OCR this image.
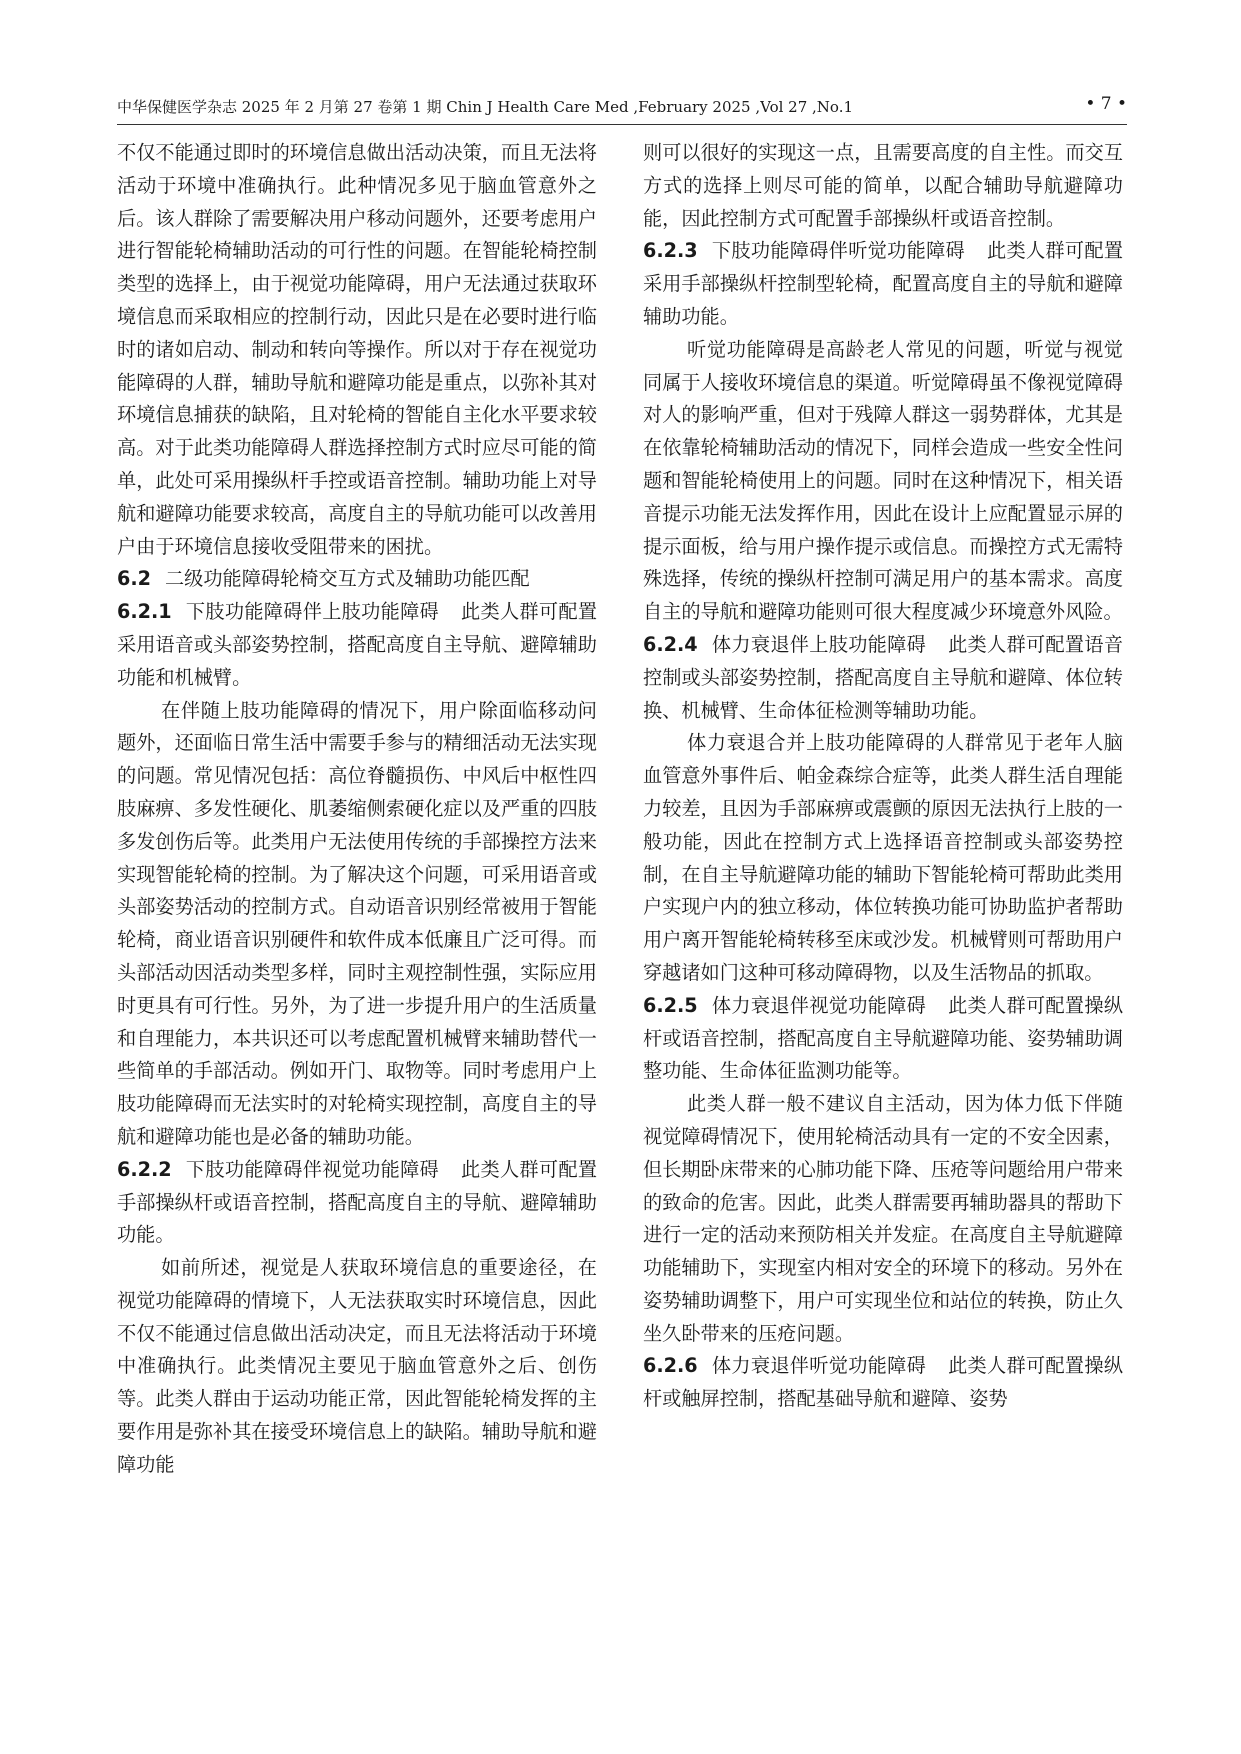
中华保健医学杂志 2025 年 2 月第 27 卷第 1 期 Chin J Health Care Med ,February 2025 ,Vol 27 ,No.1	• 7 •

不仅不能通过即时的环境信息做出活动决策，而且无法将活动于环境中准确执行。此种情况多见于脑血管意外之后。该人群除了需要解决用户移动问题外，还要考虑用户进行智能轮椅辅助活动的可行性的问题。在智能轮椅控制类型的选择上，由于视觉功能障碍，用户无法通过获取环境信息而采取相应的控制行动，因此只是在必要时进行临时的诸如启动、制动和转向等操作。所以对于存在视觉功能障碍的人群，辅助导航和避障功能是重点，以弥补其对环境信息捕获的缺陷，且对轮椅的智能自主化水平要求较高。对于此类功能障碍人群选择控制方式时应尽可能的简单，此处可采用操纵杆手控或语音控制。辅助功能上对导航和避障功能要求较高，高度自主的导航功能可以改善用户由于环境信息接收受阻带来的困扰。

6.2 二级功能障碍轮椅交互方式及辅助功能匹配

6.2.1 下肢功能障碍伴上肢功能障碍 此类人群可配置采用语音或头部姿势控制，搭配高度自主导航、避障辅助功能和机械臂。

在伴随上肢功能障碍的情况下，用户除面临移动问题外，还面临日常生活中需要手参与的精细活动无法实现的问题。常见情况包括：高位脊髓损伤、中风后中枢性四肢麻痹、多发性硬化、肌萎缩侧索硬化症以及严重的四肢多发创伤后等。此类用户无法使用传统的手部操控方法来实现智能轮椅的控制。为了解决这个问题，可采用语音或头部姿势活动的控制方式。自动语音识别经常被用于智能轮椅，商业语音识别硬件和软件成本低廉且广泛可得。而头部活动因活动类型多样，同时主观控制性强，实际应用时更具有可行性。另外，为了进一步提升用户的生活质量和自理能力，本共识还可以考虑配置机械臂来辅助替代一些简单的手部活动。例如开门、取物等。同时考虑用户上肢功能障碍而无法实时的对轮椅实现控制，高度自主的导航和避障功能也是必备的辅助功能。

6.2.2 下肢功能障碍伴视觉功能障碍 此类人群可配置手部操纵杆或语音控制，搭配高度自主的导航、避障辅助功能。

如前所述，视觉是人获取环境信息的重要途径，在视觉功能障碍的情境下，人无法获取实时环境信息，因此不仅不能通过信息做出活动决定，而且无法将活动于环境中准确执行。此类情况主要见于脑血管意外之后、创伤等。此类人群由于运动功能正常，因此智能轮椅发挥的主要作用是弥补其在接受环境信息上的缺陷。辅助导航和避障功能

则可以很好的实现这一点，且需要高度的自主性。而交互方式的选择上则尽可能的简单，以配合辅助导航避障功能，因此控制方式可配置手部操纵杆或语音控制。

6.2.3 下肢功能障碍伴听觉功能障碍 此类人群可配置采用手部操纵杆控制型轮椅，配置高度自主的导航和避障辅助功能。

听觉功能障碍是高龄老人常见的问题，听觉与视觉同属于人接收环境信息的渠道。听觉障碍虽不像视觉障碍对人的影响严重，但对于残障人群这一弱势群体，尤其是在依靠轮椅辅助活动的情况下，同样会造成一些安全性问题和智能轮椅使用上的问题。同时在这种情况下，相关语音提示功能无法发挥作用，因此在设计上应配置显示屏的提示面板，给与用户操作提示或信息。而操控方式无需特殊选择，传统的操纵杆控制可满足用户的基本需求。高度自主的导航和避障功能则可很大程度减少环境意外风险。

6.2.4 体力衰退伴上肢功能障碍 此类人群可配置语音控制或头部姿势控制，搭配高度自主导航和避障、体位转换、机械臂、生命体征检测等辅助功能。

体力衰退合并上肢功能障碍的人群常见于老年人脑血管意外事件后、帕金森综合症等，此类人群生活自理能力较差，且因为手部麻痹或震颤的原因无法执行上肢的一般功能，因此在控制方式上选择语音控制或头部姿势控制，在自主导航避障功能的辅助下智能轮椅可帮助此类用户实现户内的独立移动，体位转换功能可协助监护者帮助用户离开智能轮椅转移至床或沙发。机械臂则可帮助用户穿越诸如门这种可移动障碍物，以及生活物品的抓取。

6.2.5 体力衰退伴视觉功能障碍 此类人群可配置操纵杆或语音控制，搭配高度自主导航避障功能、姿势辅助调整功能、生命体征监测功能等。

此类人群一般不建议自主活动，因为体力低下伴随视觉障碍情况下，使用轮椅活动具有一定的不安全因素，但长期卧床带来的心肺功能下降、压疮等问题给用户带来的致命的危害。因此，此类人群需要再辅助器具的帮助下进行一定的活动来预防相关并发症。在高度自主导航避障功能辅助下，实现室内相对安全的环境下的移动。另外在姿势辅助调整下，用户可实现坐位和站位的转换，防止久坐久卧带来的压疮问题。

6.2.6 体力衰退伴听觉功能障碍 此类人群可配置操纵杆或触屏控制，搭配基础导航和避障、姿势
